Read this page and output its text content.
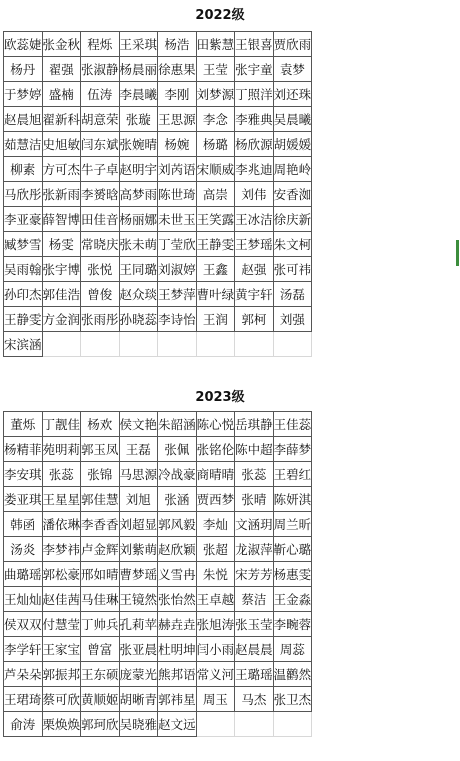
2022级
欧蕊婕	张金秋	程烁	王采琪	杨浩	田紫慧	王银喜	贾欣雨
杨丹	翟强	张淑静	杨晨丽	徐惠果	王莹	张宇童	袁梦
于梦婷	盛楠	伍涛	李晨曦	李刚	刘梦源	丁照洋	刘还珠
赵晨旭	翟新科	胡意荣	张璇	王思源	李念	李雅典	吴晨曦
茹慧洁	史旭敏	闫东斌	张婉晴	杨婉	杨璐	杨欣源	胡媛媛
柳素	方可杰	牛子卓	赵明宇	刘芮语	宋顺威	李兆迪	周艳岭
马欣彤	张新雨	李赟晗	高梦雨	陈世琦	高崇	刘伟	安香洳
李亚豪	薛智博	田佳音	杨丽娜	未世玉	王笑露	王冰洁	徐庆新
臧梦雪	杨雯	常晓庆	张未萌	丁莹欣	王静雯	王梦瑶	朱文柯
吴雨翰	张宇博	张悦	王同璐	刘淑婷	王鑫	赵强	张可祎
孙印杰	郭佳浩	曾俊	赵众琰	王梦萍	曹叶绿	黄宇轩	汤磊
王静雯	方金润	张雨彤	孙晓蕊	李诗怡	王润	郭柯	刘强
宋滨涵							
2023级
董烁	丁靓佳	杨欢	侯文艳	朱韶涵	陈心悦	岳琪静	王佳蕊
杨精菲	苑明莉	郭玉凤	王磊	张佩	张铭伦	陈中超	李薛梦
李安琪	张蕊	张锦	马思源	冷战豪	商晴晴	张蕊	王碧红
娄亚琪	王星星	郭佳慧	刘旭	张涵	贾西梦	张晴	陈妍淇
韩函	潘依琳	李香香	刘超显	郭风毅	李灿	文涵玥	周兰昕
汤炎	李梦祎	卢金辉	刘紫萌	赵欣颖	张超	龙淑萍	靳心璐
曲璐瑶	郭松豪	邢如晴	曹梦瑶	义雪冉	朱悦	宋芳芳	杨惠雯
王灿灿	赵佳茜	马佳琳	王镜然	张怡然	王卓越	蔡洁	王金淼
侯双双	付慧莹	丁帅兵	孔莉苹	赫垚垚	张旭涛	张玉莹	李畹蓉
李学轩	王家宝	曾富	张亚晨	杜明坤	闫小雨	赵晨晨	周蕊
芦朵朵	郭振邦	王东硕	庞蒙光	熊邦语	常义河	王璐瑶	温鹳然
王珺琦	蔡可欣	黄顺姬	胡晰青	郭祎星	周玉	马杰	张卫杰
俞涛	栗焕焕	郭珂欣	吴晓雅	赵文远			
